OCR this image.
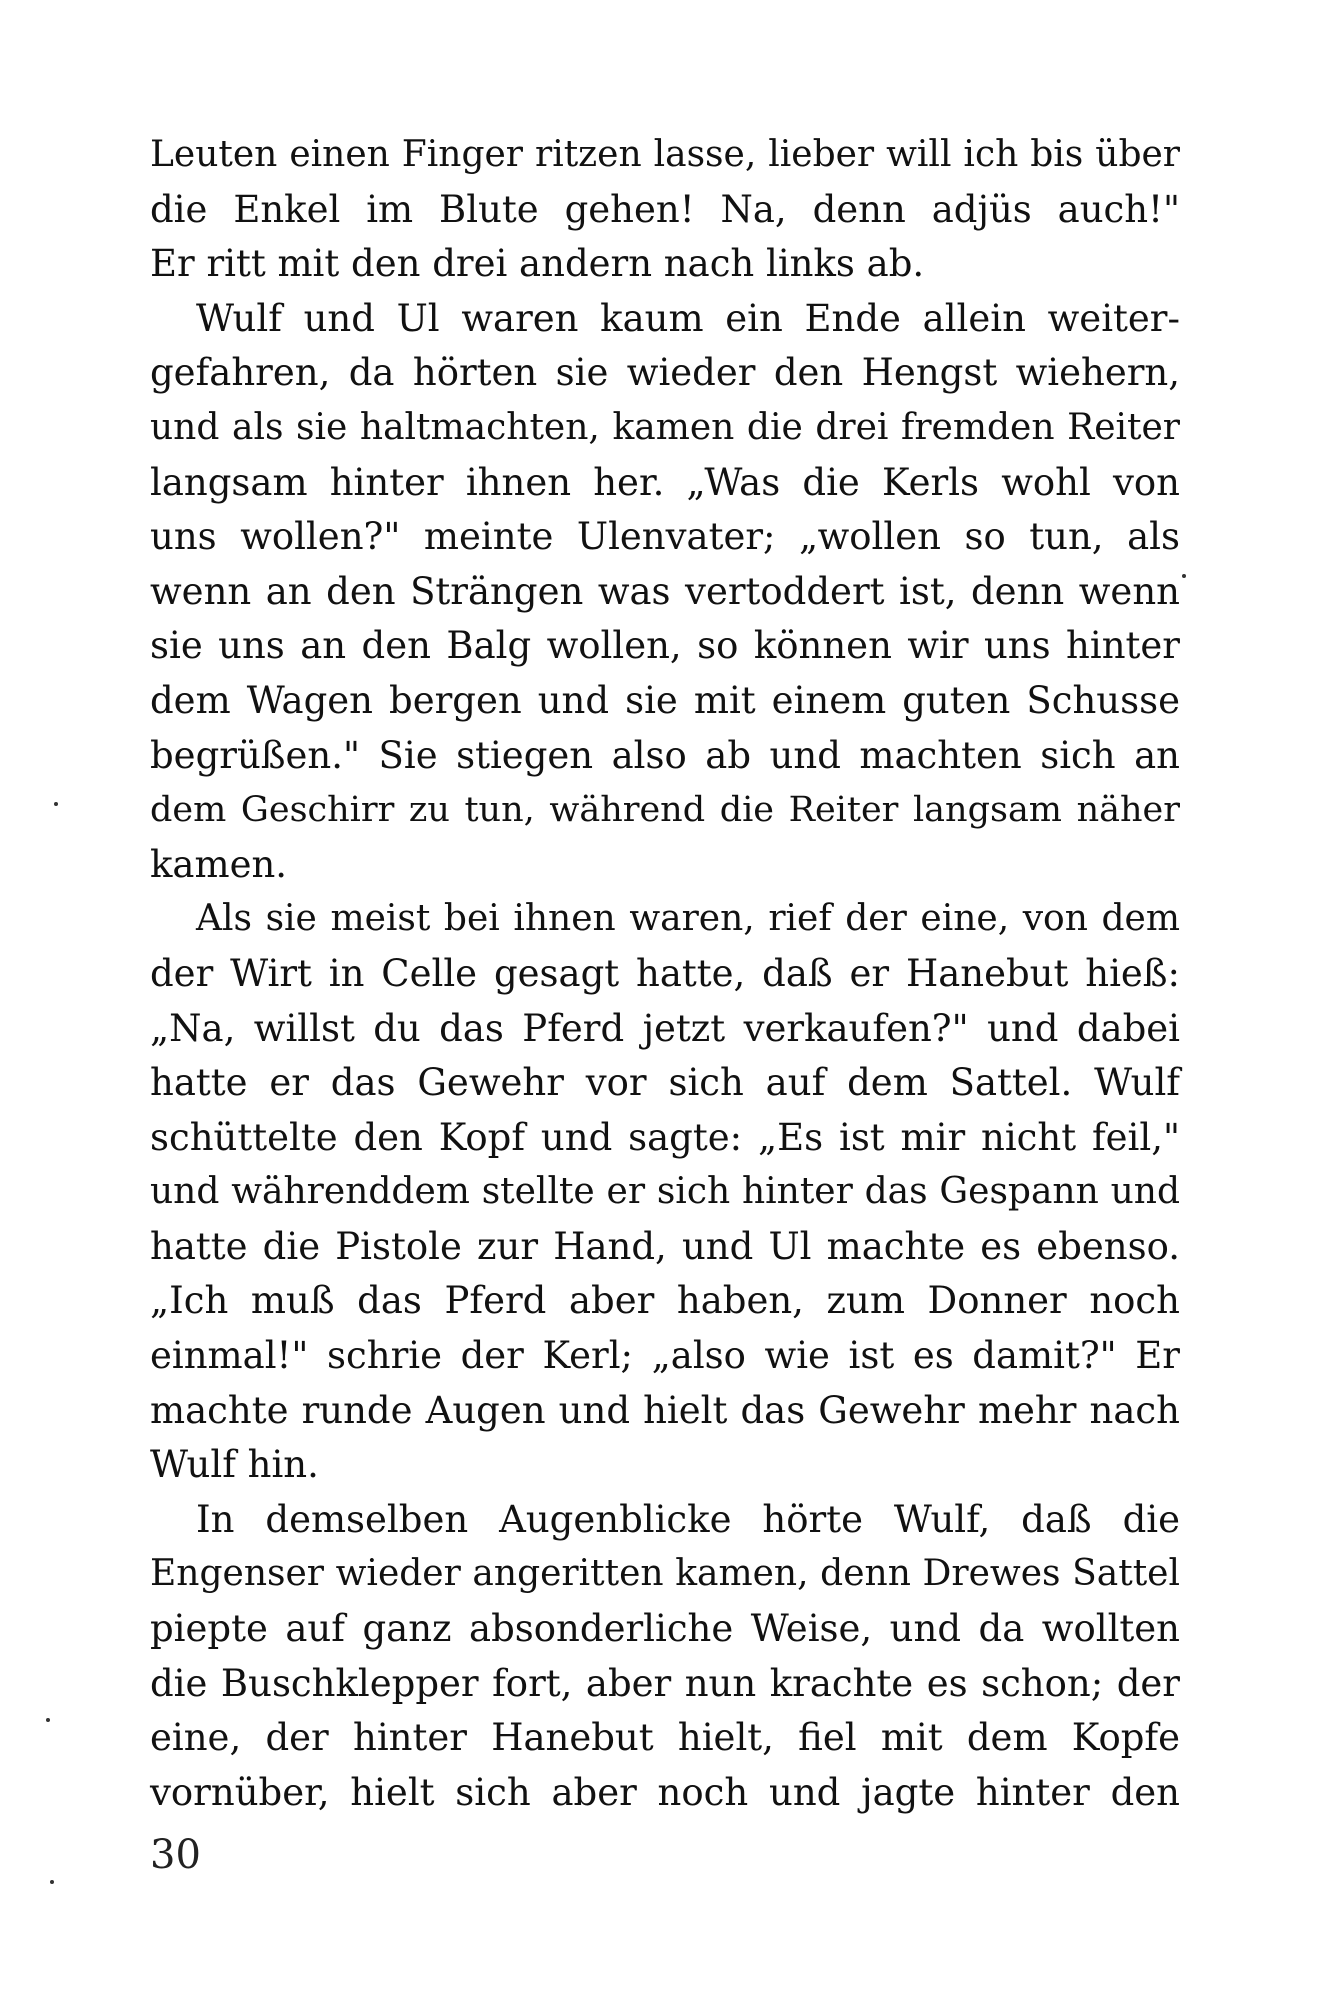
Leuten einen Finger ritzen lasse, lieber will ich bis über
die Enkel im Blute gehen! Na, denn adjüs auch!"
Er ritt mit den drei andern nach links ab.
Wulf und Ul waren kaum ein Ende allein weiter-
gefahren, da hörten sie wieder den Hengst wiehern,
und als sie haltmachten, kamen die drei fremden Reiter
langsam hinter ihnen her. „Was die Kerls wohl von
uns wollen?" meinte Ulenvater; „wollen so tun, als
wenn an den Strängen was vertoddert ist, denn wenn
sie uns an den Balg wollen, so können wir uns hinter
dem Wagen bergen und sie mit einem guten Schusse
begrüßen." Sie stiegen also ab und machten sich an
dem Geschirr zu tun, während die Reiter langsam näher
kamen.
Als sie meist bei ihnen waren, rief der eine, von dem
der Wirt in Celle gesagt hatte, daß er Hanebut hieß:
„Na, willst du das Pferd jetzt verkaufen?" und dabei
hatte er das Gewehr vor sich auf dem Sattel. Wulf
schüttelte den Kopf und sagte: „Es ist mir nicht feil,"
und währenddem stellte er sich hinter das Gespann und
hatte die Pistole zur Hand, und Ul machte es ebenso.
„Ich muß das Pferd aber haben, zum Donner noch
einmal!" schrie der Kerl; „also wie ist es damit?" Er
machte runde Augen und hielt das Gewehr mehr nach
Wulf hin.
In demselben Augenblicke hörte Wulf, daß die
Engenser wieder angeritten kamen, denn Drewes Sattel
piepte auf ganz absonderliche Weise, und da wollten
die Buschklepper fort, aber nun krachte es schon; der
eine, der hinter Hanebut hielt, fiel mit dem Kopfe
vornüber, hielt sich aber noch und jagte hinter den
30
